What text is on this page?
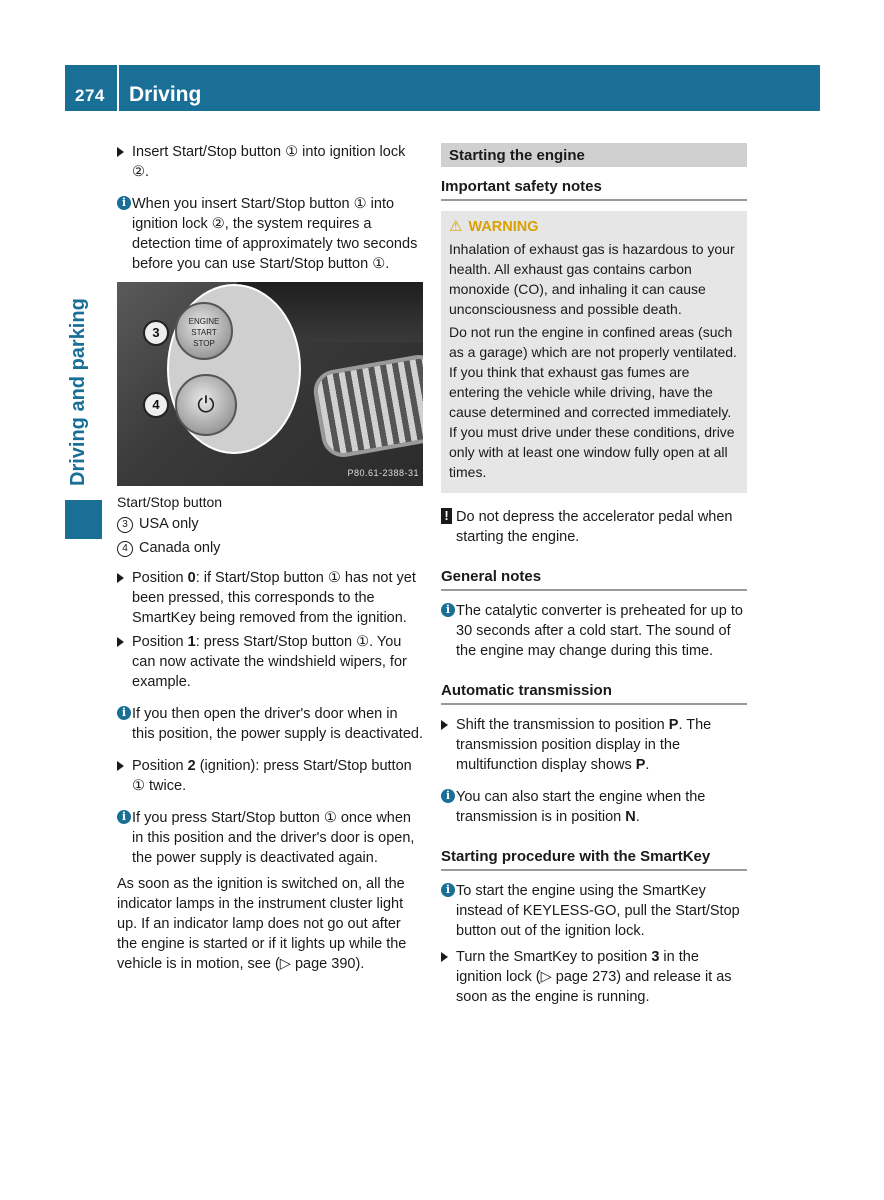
274 Driving
Driving and parking

Insert Start/Stop button ① into ignition lock ②.

i When you insert Start/Stop button ① into ignition lock ②, the system requires a detection time of approximately two seconds before you can use Start/Stop button ①.

ENGINE
START
STOP
⏻
3
4
P80.61-2388-31
Start/Stop button
3 USA only
4 Canada only

Position 0: if Start/Stop button ① has not yet been pressed, this corresponds to the SmartKey being removed from the ignition.

Position 1: press Start/Stop button ①. You can now activate the windshield wipers, for example.

i If you then open the driver's door when in this position, the power supply is deactivated.

Position 2 (ignition): press Start/Stop button ① twice.

i If you press Start/Stop button ① once when in this position and the driver's door is open, the power supply is deactivated again.

As soon as the ignition is switched on, all the indicator lamps in the instrument cluster light up. If an indicator lamp does not go out after the engine is started or if it lights up while the vehicle is in motion, see (▷ page 390).

Starting the engine
Important safety notes
⚠ WARNING

Inhalation of exhaust gas is hazardous to your health. All exhaust gas contains carbon monoxide (CO), and inhaling it can cause unconsciousness and possible death.

Do not run the engine in confined areas (such as a garage) which are not properly ventilated. If you think that exhaust gas fumes are entering the vehicle while driving, have the cause determined and corrected immediately. If you must drive under these conditions, drive only with at least one window fully open at all times.

! Do not depress the accelerator pedal when starting the engine.

General notes
i The catalytic converter is preheated for up to 30 seconds after a cold start. The sound of the engine may change during this time.

Automatic transmission

Shift the transmission to position P. The transmission position display in the multifunction display shows P.

i You can also start the engine when the transmission is in position N.

Starting procedure with the SmartKey
i To start the engine using the SmartKey instead of KEYLESS-GO, pull the Start/Stop button out of the ignition lock.

Turn the SmartKey to position 3 in the ignition lock (▷ page 273) and release it as soon as the engine is running.
